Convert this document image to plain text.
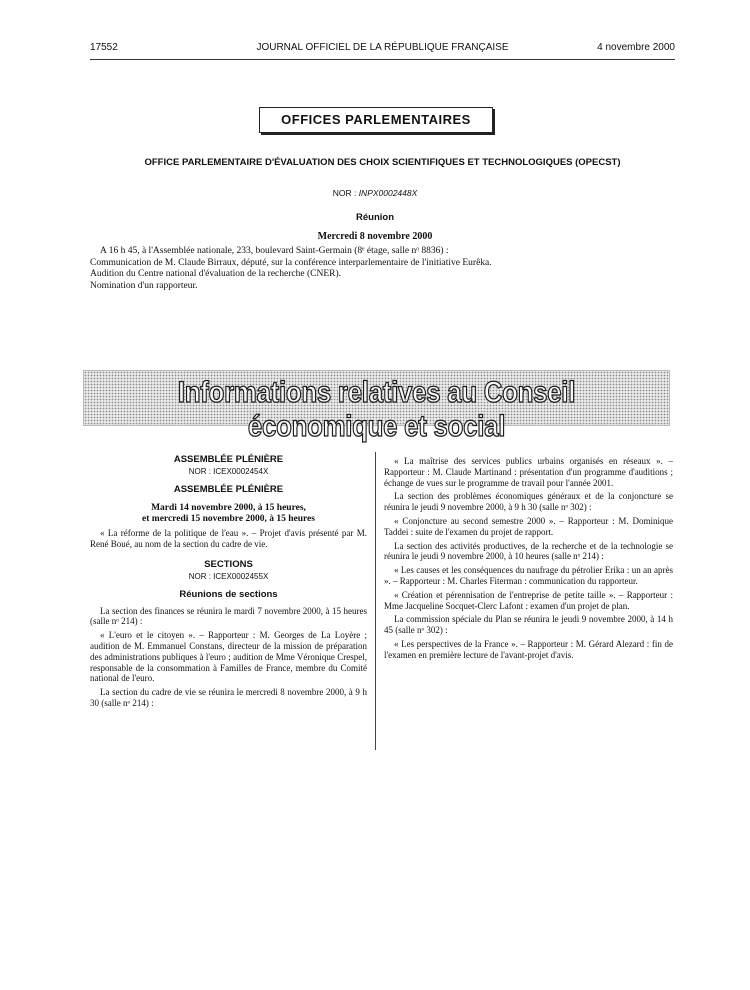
17552	JOURNAL OFFICIEL DE LA RÉPUBLIQUE FRANÇAISE	4 novembre 2000
OFFICES PARLEMENTAIRES
OFFICE PARLEMENTAIRE D'ÉVALUATION DES CHOIX SCIENTIFIQUES ET TECHNOLOGIQUES (OPECST)
NOR : INPX0002448X
Réunion
Mercredi 8 novembre 2000

A 16 h 45, à l'Assemblée nationale, 233, boulevard Saint-Germain (8ᵉ étage, salle nᵒ 8836) :

Communication de M. Claude Birraux, député, sur la conférence interparlementaire de l'initiative Eurêka.

Audition du Centre national d'évaluation de la recherche (CNER).

Nomination d'un rapporteur.

Informations relatives au Conseil économique et social
ASSEMBLÉE PLÉNIÈRE
NOR : ICEX0002454X
ASSEMBLÉE PLÉNIÈRE
Mardi 14 novembre 2000, à 15 heures,
et mercredi 15 novembre 2000, à 15 heures

« La réforme de la politique de l'eau ». – Projet d'avis présenté par M. René Boué, au nom de la section du cadre de vie.

SECTIONS
NOR : ICEX0002455X
Réunions de sections

La section des finances se réunira le mardi 7 novembre 2000, à 15 heures (salle nᵒ 214) :

« L'euro et le citoyen ». – Rapporteur : M. Georges de La Loyère ; audition de M. Emmanuel Constans, directeur de la mission de préparation des administrations publiques à l'euro ; audition de Mme Véronique Crespel, responsable de la consommation à Familles de France, membre du Comité national de l'euro.

La section du cadre de vie se réunira le mercredi 8 novembre 2000, à 9 h 30 (salle nᵒ 214) :

« La maîtrise des services publics urbains organisés en réseaux ». – Rapporteur : M. Claude Martinand : présentation d'un programme d'auditions ; échange de vues sur le programme de travail pour l'année 2001.

La section des problèmes économiques généraux et de la conjoncture se réunira le jeudi 9 novembre 2000, à 9 h 30 (salle nᵒ 302) :

« Conjoncture au second semestre 2000 ». – Rapporteur : M. Dominique Taddei : suite de l'examen du projet de rapport.

La section des activités productives, de la recherche et de la technologie se réunira le jeudi 9 novembre 2000, à 10 heures (salle nᵒ 214) :

« Les causes et les conséquences du naufrage du pétrolier Erika : un an après ». – Rapporteur : M. Charles Fiterman : communication du rapporteur.

« Création et pérennisation de l'entreprise de petite taille ». – Rapporteur : Mme Jacqueline Socquet-Clerc Lafont : examen d'un projet de plan.

La commission spéciale du Plan se réunira le jeudi 9 novembre 2000, à 14 h 45 (salle nᵒ 302) :

« Les perspectives de la France ». – Rapporteur : M. Gérard Alezard : fin de l'examen en première lecture de l'avant-projet d'avis.
